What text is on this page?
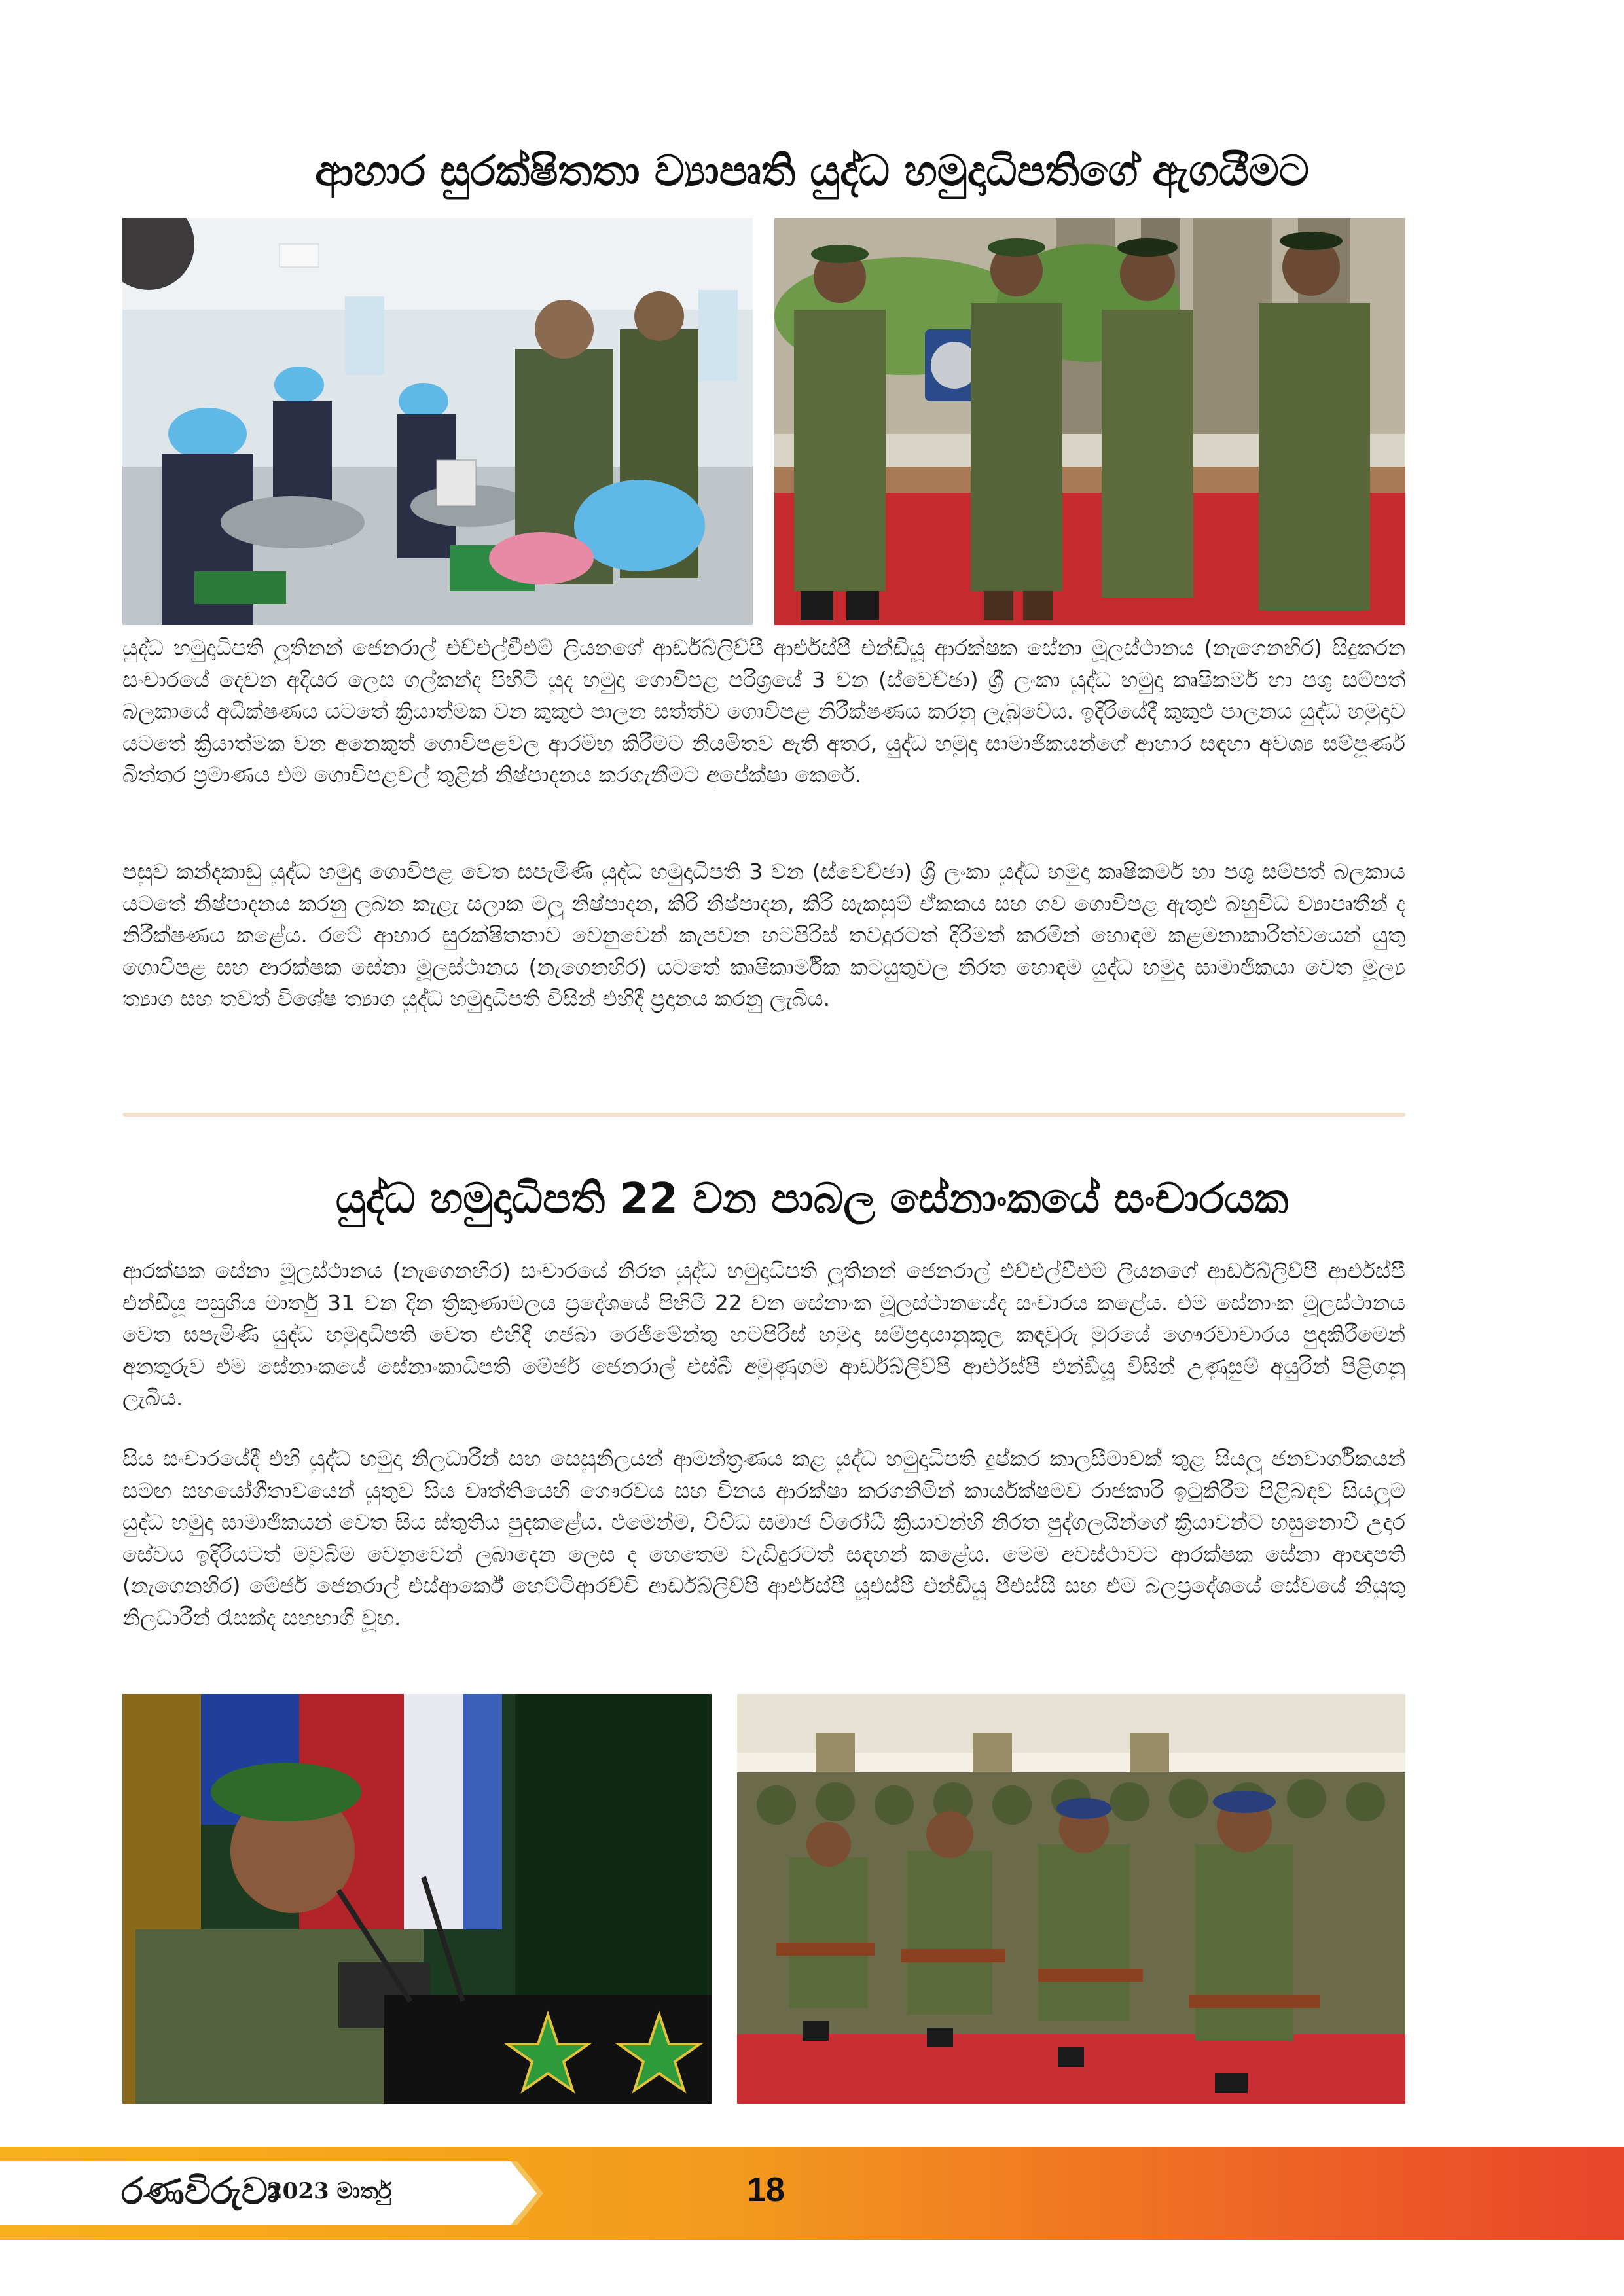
ආහාර සුරක්ෂිතතා ව්‍යාපෘති යුද්ධ හමුදාධිපතිගේ ඇගයීමට
යුද්ධ හමුදාධිපති ලුතිනන් ජෙනරාල් එච්එල්වීඑම් ලියනගේ ආර්ඩබ්ලිව්පී ආර්එස්පී එන්ඩීයූ ආරක්ෂක සේනා මූලස්ථානය (නැගෙනහිර) සිදුකරන සංචාරයේ දෙවන අදියර ලෙස ගල්කන්ද පිහිටි යුද හමුදා ගොවිපළ පරිශ්‍රයේ 3 වන (ස්වෙච්ඡා) ශ්‍රී ලංකා යුද්ධ හමුදා කෘෂිකර්ම හා පශු සම්පත් බලකායේ අධීක්ෂණය යටතේ ක්‍රියාත්මක වන කුකුළු පාලන සත්ත්ව ගොවිපළ නිරීක්ෂණය කරනු ලැබුවේය. ඉදිරියේදී කුකුළු පාලනය යුද්ධ හමුදාව යටතේ ක්‍රියාත්මක වන අනෙකුත් ගොවිපළවල ආරම්භ කිරීමට නියමිතව ඇති අතර, යුද්ධ හමුදා සාමාජිකයන්ගේ ආහාර සඳහා අවශ්‍ය සම්පූර්ණ බිත්තර ප්‍රමාණය එම ගොවිපළවල් තුළින් නිෂ්පාදනය කරගැනීමට අපේක්ෂා කෙරේ.
පසුව කන්දකාඩු යුද්ධ හමුදා ගොවිපළ වෙත සපැමිණි යුද්ධ හමුදාධිපති 3 වන (ස්වෙච්ඡා) ශ්‍රී ලංකා යුද්ධ හමුදා කෘෂිකර්ම හා පශු සම්පත් බලකාය යටතේ නිෂ්පාදනය කරනු ලබන කැළැ සලාක මලු නිෂ්පාදන, කිරි නිෂ්පාදන, කිරි සැකසුම් ඒකකය සහ ගව ගොවිපළ ඇතුළු බහුවිධ ව්‍යාපෘතීන් ද නිරීක්ෂණය කළේය. රටේ ආහාර සුරක්ෂිතතාව වෙනුවෙන් කැපවන හටපිරිස් තවදුරටත් දිරිමත් කරමින් හොඳම කළමනාකාරිත්වයෙන් යුතු ගොවිපළ සහ ආරක්ෂක සේනා මූලස්ථානය (නැගෙනහිර) යටතේ කෘෂිකාර්මික කටයුතුවල නිරත හොඳම යුද්ධ හමුදා සාමාජිකයා වෙත මූල්‍ය ත්‍යාග සහ තවත් විශේෂ ත්‍යාග යුද්ධ හමුදාධිපති විසින් එහිදී ප්‍රදානය කරනු ලැබිය.
යුද්ධ හමුදාධිපති 22 වන පාබල සේනාංකයේ සංචාරයක
ආරක්ෂක සේනා මූලස්ථානය (නැගෙනහිර) සංචාරයේ නිරත යුද්ධ හමුදාධිපති ලුතිනන් ජෙනරාල් එච්එල්වීඑම් ලියනගේ ආර්ඩබ්ලිව්පී ආර්එස්පී එන්ඩීයූ පසුගිය මාර්තු 31 වන දින ත්‍රිකුණාමලය ප්‍රදේශයේ පිහිටි 22 වන සේනාංක මූලස්ථානයේද සංචාරය කළේය. එම සේනාංක මූලස්ථානය වෙත සපැමිණි යුද්ධ හමුදාධිපති වෙත එහිදී ගජබා රෙජිමේන්තු හටපිරිස් හමුදා සම්ප්‍රදායානුකූල කඳවුරු මුරයේ ගෞරවාචාරය පුදකිරීමෙන් අනතුරුව එම සේනාංකයේ සේනාංකාධිපති මේජර් ජෙනරාල් එස්බී අමුණුගම ආර්ඩබ්ලිව්පී ආර්එස්පී එන්ඩීයූ විසින් උණුසුම් අයුරින් පිළිගනු ලැබිය.
සිය සංචාරයේදී එහි යුද්ධ හමුදා නිලධාරීන් සහ සෙසුනිලයන් ආමන්ත්‍රණය කළ යුද්ධ හමුදාධිපති දුෂ්කර කාලසීමාවක් තුළ සියලු ජනවාර්ගිකයන් සමඟ සහයෝගීතාවයෙන් යුතුව සිය වෘත්තියෙහි ගෞරවය සහ විනය ආරක්ෂා කරගනිමින් කාර්යක්ෂමව රාජකාරි ඉටුකිරීම පිළිබඳව සියලුම යුද්ධ හමුදා සාමාජිකයන් වෙත සිය ස්තුතිය පුදකළේය. එමෙන්ම, විවිධ සමාජ විරෝධී ක්‍රියාවන්හි නිරත පුද්ගලයින්ගේ ක්‍රියාවන්ට හසුනොවී උදාර සේවය ඉදිරියටත් මවුබිම වෙනුවෙන් ලබාදෙන ලෙස ද හෙතෙම වැඩිදුරටත් සඳහන් කළේය. මෙම අවස්ථාවට ආරක්ෂක සේනා ආඥාපති (නැගෙනහිර) මේජර් ජෙනරාල් එස්ආර්කේ හෙට්ටිආරච්චි ආර්ඩබ්ලිව්පී ආර්එස්පී යූඑස්පී එන්ඩීයූ පීඑස්සී සහ එම බලප්‍රදේශයේ සේවයේ නියුතු නිලධාරීන් රැසක්ද සහභාගී වූහ.
රණවිරුවා
2023 මාර්තු	18
